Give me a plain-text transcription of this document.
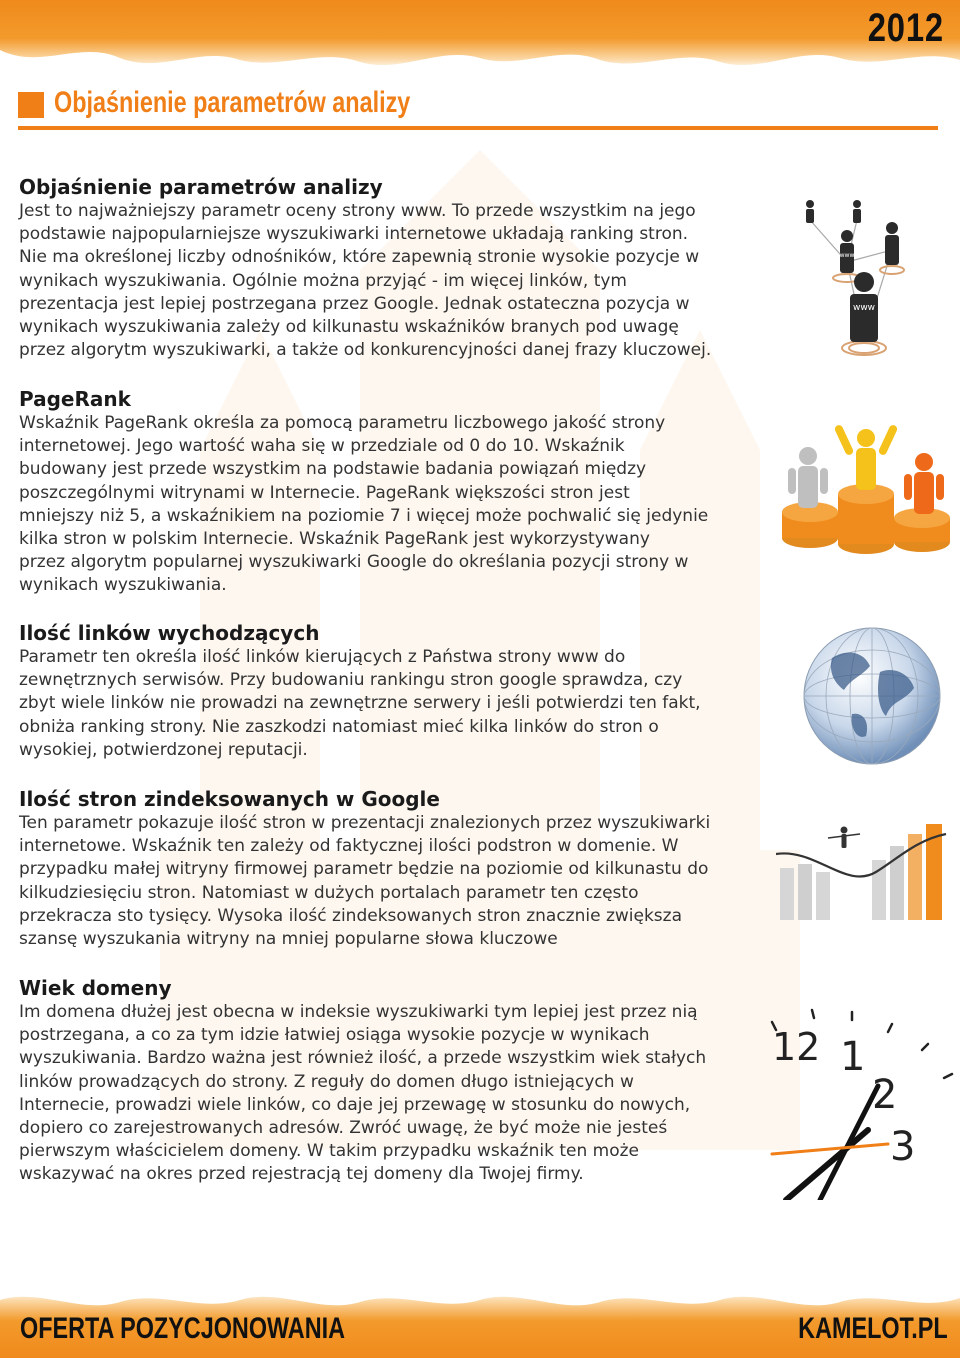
2012
Objaśnienie parametrów analizy
Objaśnienie parametrów analizy

Jest to najważniejszy parametr oceny strony www. To przede wszystkim na jego
podstawie najpopularniejsze wyszukiwarki internetowe układają ranking stron.
Nie ma określonej liczby odnośników, które zapewnią stronie wysokie pozycje w
wynikach wyszukiwania. Ogólnie można przyjąć - im więcej linków, tym
prezentacja jest lepiej postrzegana przez Google. Jednak ostateczna pozycja w
wynikach wyszukiwania zależy od kilkunastu wskaźników branych pod uwagę
przez algorytm wyszukiwarki, a także od konkurencyjności danej frazy kluczowej.

PageRank

Wskaźnik PageRank określa za pomocą parametru liczbowego jakość strony
internetowej. Jego wartość waha się w przedziale od 0 do 10. Wskaźnik
budowany jest przede wszystkim na podstawie badania powiązań między
poszczególnymi witrynami w Internecie. PageRank większości stron jest
mniejszy niż 5, a wskaźnikiem na poziomie 7 i więcej może pochwalić się jedynie
kilka stron w polskim Internecie. Wskaźnik PageRank jest wykorzystywany
przez algorytm popularnej wyszukiwarki Google do określania pozycji strony w
wynikach wyszukiwania.

Ilość linków wychodzących

Parametr ten określa ilość linków kierujących z Państwa strony www do
zewnętrznych serwisów. Przy budowaniu rankingu stron google sprawdza, czy
zbyt wiele linków nie prowadzi na zewnętrzne serwery i jeśli potwierdzi ten fakt,
obniża ranking strony. Nie zaszkodzi natomiast mieć kilka linków do stron o
wysokiej, potwierdzonej reputacji.

Ilość stron zindeksowanych w Google

Ten parametr pokazuje ilość stron w prezentacji znalezionych przez wyszukiwarki
internetowe. Wskaźnik ten zależy od faktycznej ilości podstron w domenie. W
przypadku małej witryny firmowej parametr będzie na poziomie od kilkunastu do
kilkudziesięciu stron. Natomiast w dużych portalach parametr ten często
przekracza sto tysięcy. Wysoka ilość zindeksowanych stron znacznie zwiększa
szansę wyszukania witryny na mniej popularne słowa kluczowe

Wiek domeny

Im domena dłużej jest obecna w indeksie wyszukiwarki tym lepiej jest przez nią
postrzegana, a co za tym idzie łatwiej osiąga wysokie pozycje w wynikach
wyszukiwania. Bardzo ważna jest również ilość, a przede wszystkim wiek stałych
linków prowadzących do strony. Z reguły do domen długo istniejących w
Internecie, prowadzi wiele linków, co daje jej przewagę w stosunku do nowych,
dopiero co zarejestrowanych adresów. Zwróć uwagę, że być może nie jesteś
pierwszym właścicielem domeny. W takim przypadku wskaźnik ten może
wskazywać na okres przed rejestracją tej domeny dla Twojej firmy.

www
www
12 1
2
3
OFERTA POZYCJONOWANIA	KAMELOT.PL
